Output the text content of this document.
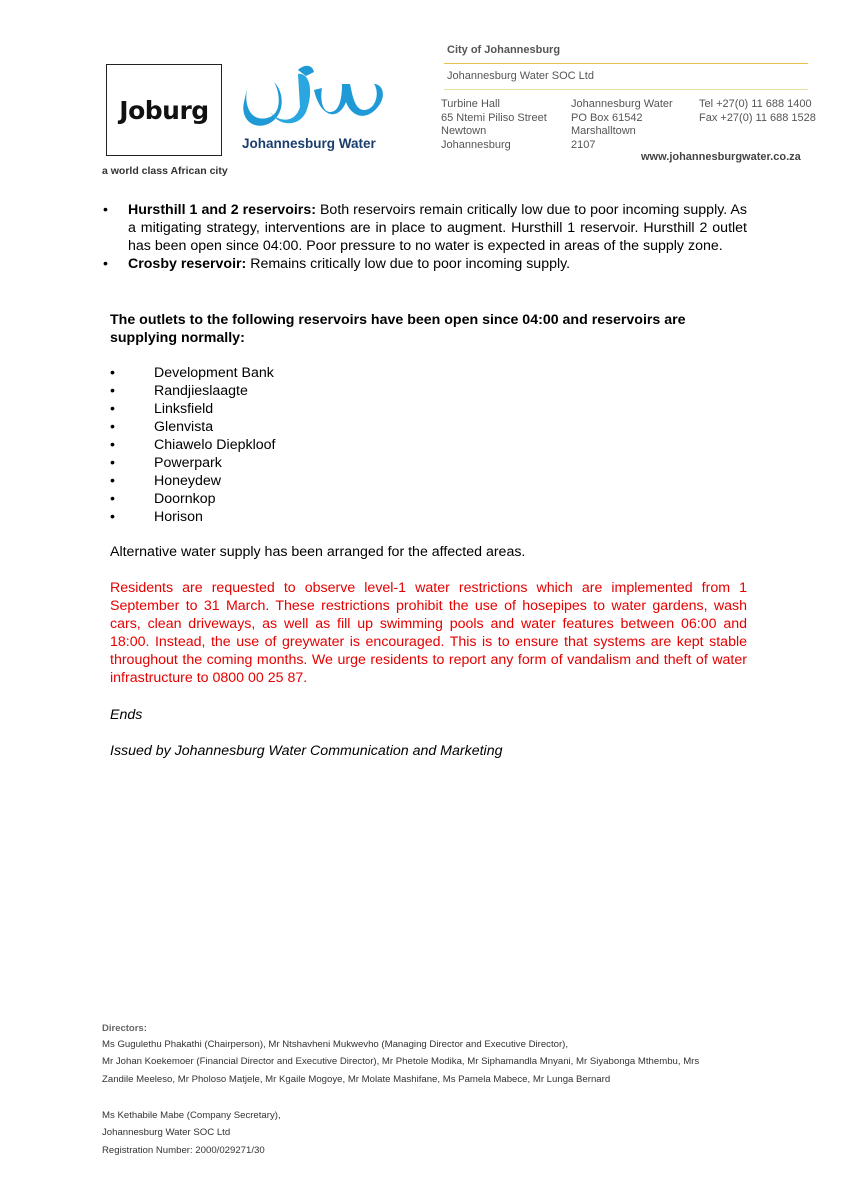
Joburg
a world class African city
Johannesburg Water
City of Johannesburg
Johannesburg Water SOC Ltd
Turbine Hall
65 Ntemi Piliso Street
Newtown
Johannesburg
Johannesburg Water
PO Box 61542
Marshalltown
2107
Tel +27(0) 11 688 1400
Fax +27(0) 11 688 1528
www.johannesburgwater.co.za
• Hursthill 1 and 2 reservoirs: Both reservoirs remain critically low due to poor incoming supply. As a mitigating strategy, interventions are in place to augment. Hursthill 1 reservoir. Hursthill 2 outlet has been open since 04:00. Poor pressure to no water is expected in areas of the supply zone.
• Crosby reservoir: Remains critically low due to poor incoming supply.
The outlets to the following reservoirs have been open since 04:00 and reservoirs are supplying normally:
•	Development Bank
•	Randjieslaagte
•	Linksfield
•	Glenvista
•	Chiawelo Diepkloof
•	Powerpark
•	Honeydew
•	Doornkop
•	Horison
Alternative water supply has been arranged for the affected areas.
Residents are requested to observe level-1 water restrictions which are implemented from 1 September to 31 March. These restrictions prohibit the use of hosepipes to water gardens, wash cars, clean driveways, as well as fill up swimming pools and water features between 06:00 and 18:00. Instead, the use of greywater is encouraged. This is to ensure that systems are kept stable throughout the coming months. We urge residents to report any form of vandalism and theft of water infrastructure to 0800 00 25 87.
Ends
Issued by Johannesburg Water Communication and Marketing
Directors:
Ms Gugulethu Phakathi (Chairperson), Mr Ntshavheni Mukwevho (Managing Director and Executive Director),
Mr Johan Koekemoer (Financial Director and Executive Director), Mr Phetole Modika, Mr Siphamandla Mnyani, Mr Siyabonga Mthembu, Mrs
Zandile Meeleso, Mr Pholoso Matjele, Mr Kgaile Mogoye, Mr Molate Mashifane, Ms Pamela Mabece, Mr Lunga Bernard
Ms Kethabile Mabe (Company Secretary),
Johannesburg Water SOC Ltd
Registration Number: 2000/029271/30
